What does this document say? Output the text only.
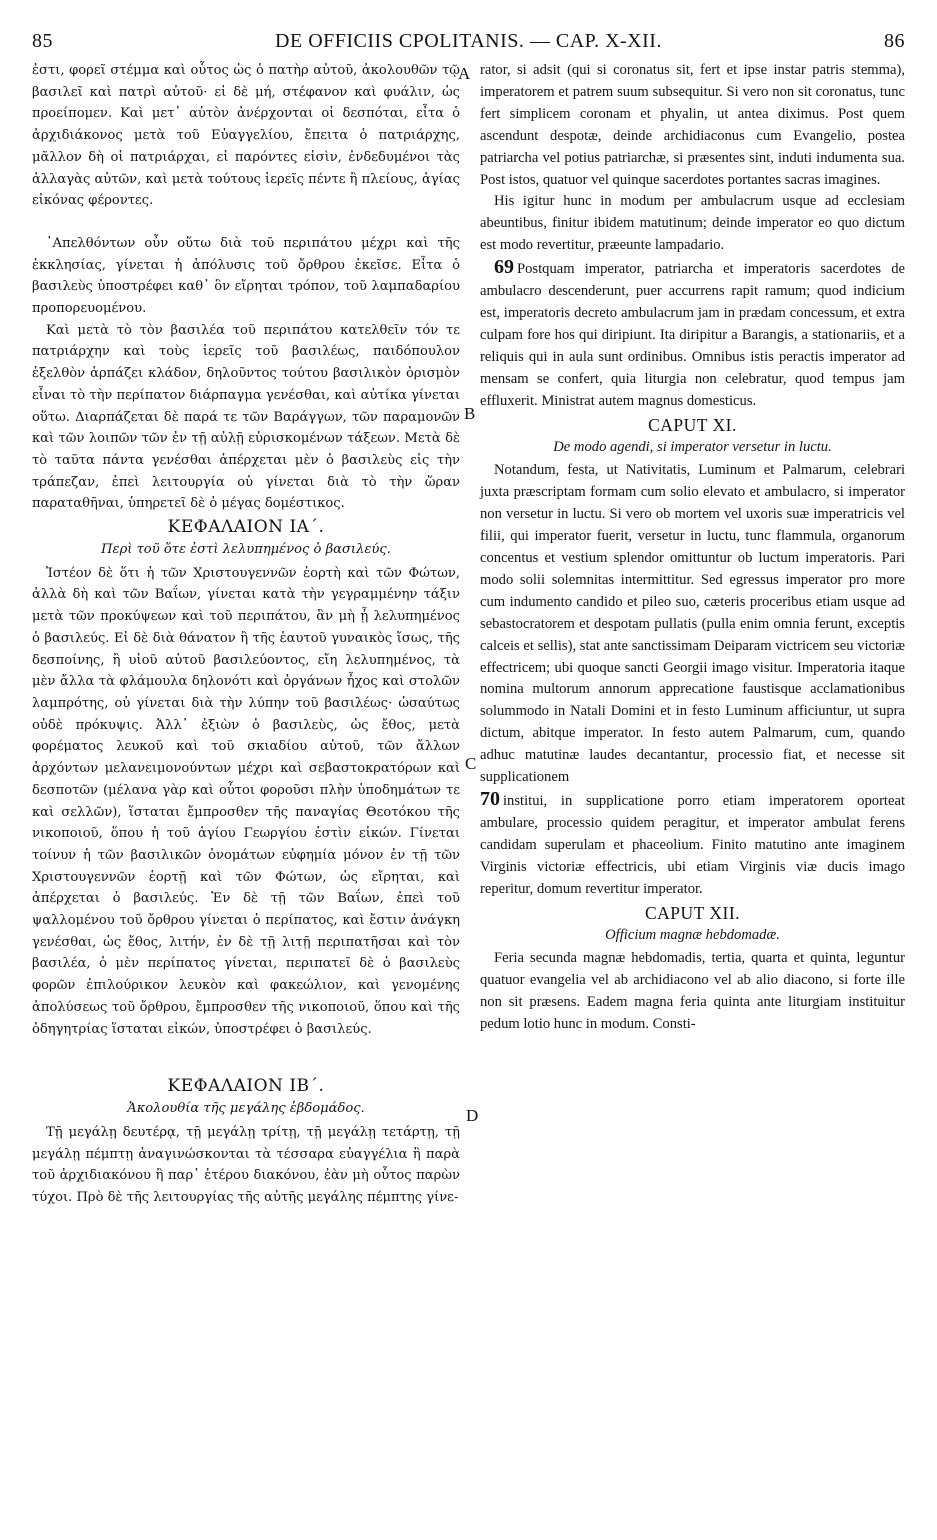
85	DE OFFICIIS CPOLITANIS. — CAP. X-XII.	86

ἐστι, φορεῖ στέμμα καὶ οὗτος ὡς ὁ πατὴρ αὐτοῦ, ἀκολουθῶν τῷ βασιλεῖ καὶ πατρὶ αὐτοῦ· εἰ δὲ μή, στέφανον καὶ φυάλιν, ὡς προείπομεν. Καὶ μετ᾽ αὐτὸν ἀνέρχονται οἱ δεσπόται, εἶτα ὁ ἀρχιδιάκονος μετὰ τοῦ Εὐαγγελίου, ἔπειτα ὁ πατριάρχης, μᾶλλον δὴ οἱ πατριάρχαι, εἰ παρόντες εἰσὶν, ἐνδεδυμένοι τὰς ἀλλαγὰς αὐτῶν, καὶ μετὰ τούτους ἱερεῖς πέντε ἢ πλείους, ἁγίας εἰκόνας φέροντες.

᾽Απελθόντων οὖν οὕτω διὰ τοῦ περιπάτου μέχρι καὶ τῆς ἐκκλησίας, γίνεται ἡ ἀπόλυσις τοῦ ὄρθρου ἐκεῖσε. Εἶτα ὁ βασιλεὺς ὑποστρέφει καθ᾽ ὃν εἴρηται τρόπον, τοῦ λαμπαδαρίου προπορευομένου.

Καὶ μετὰ τὸ τὸν βασιλέα τοῦ περιπάτου κατελθεῖν τόν τε πατριάρχην καὶ τοὺς ἱερεῖς τοῦ βασιλέως, παιδόπουλον ἐξελθὸν ἁρπάζει κλάδον, δηλοῦντος τούτου βασιλικὸν ὁρισμὸν εἶναι τὸ τὴν περίπατον διάρπαγμα γενέσθαι, καὶ αὐτίκα γίνεται οὕτω. Διαρπάζεται δὲ παρά τε τῶν Βαράγγων, τῶν παραμονῶν καὶ τῶν λοιπῶν τῶν ἐν τῇ αὐλῇ εὑρισκομένων τάξεων. Μετὰ δὲ τὸ ταῦτα πάντα γενέσθαι ἀπέρχεται μὲν ὁ βασιλεὺς εἰς τὴν τράπεζαν, ἐπεὶ λειτουργία οὐ γίνεται διὰ τὸ τὴν ὥραν παραταθῆναι, ὑπηρετεῖ δὲ ὁ μέγας δομέστικος.

ΚΕΦΑΛΑΙΟΝ ΙΑ΄.

Περὶ τοῦ ὅτε ἐστὶ λελυπημένος ὁ βασιλεύς.

Ἰστέον δὲ ὅτι ἡ τῶν Χριστουγεννῶν ἑορτὴ καὶ τῶν Φώτων, ἀλλὰ δὴ καὶ τῶν Βαΐων, γίνεται κατὰ τὴν γεγραμμένην τάξιν μετὰ τῶν προκύψεων καὶ τοῦ περιπάτου, ἂν μὴ ᾖ λελυπημένος ὁ βασιλεύς. Εἰ δὲ διὰ θάνατον ἢ τῆς ἑαυτοῦ γυναικὸς ἴσως, τῆς δεσποίνης, ἢ υἱοῦ αὐτοῦ βασιλεύοντος, εἴη λελυπημένος, τὰ μὲν ἄλλα τὰ φλάμουλα δηλονότι καὶ ὀργάνων ἦχος καὶ στολῶν λαμπρότης, οὐ γίνεται διὰ τὴν λύπην τοῦ βασιλέως· ὡσαύτως οὐδὲ πρόκυψις. Ἀλλ᾽ ἐξιὼν ὁ βασιλεὺς, ὡς ἔθος, μετὰ φορέματος λευκοῦ καὶ τοῦ σκιαδίου αὐτοῦ, τῶν ἄλλων ἀρχόντων μελανειμονούντων μέχρι καὶ σεβαστοκρατόρων καὶ δεσποτῶν (μέλανα γὰρ καὶ οὗτοι φοροῦσι πλὴν ὑποδημάτων τε καὶ σελλῶν), ἵσταται ἔμπροσθεν τῆς παναγίας Θεοτόκου τῆς νικοποιοῦ, ὅπου ἡ τοῦ ἁγίου Γεωργίου ἐστὶν εἰκών. Γίνεται τοίνυν ἡ τῶν βασιλικῶν ὀνομάτων εὐφημία μόνον ἐν τῇ τῶν Χριστουγεννῶν ἑορτῇ καὶ τῶν Φώτων, ὡς εἴρηται, καὶ ἀπέρχεται ὁ βασιλεύς. Ἐν δὲ τῇ τῶν Βαΐων, ἐπεὶ τοῦ ψαλλομένου τοῦ ὄρθρου γίνεται ὁ περίπατος, καὶ ἔστιν ἀνάγκη γενέσθαι, ὡς ἔθος, λιτήν, ἐν δὲ τῇ λιτῇ περιπατῆσαι καὶ τὸν βασιλέα, ὁ μὲν περίπατος γίνεται, περιπατεῖ δὲ ὁ βασιλεὺς φορῶν ἐπιλούρικον λευκὸν καὶ φακεώλιον, καὶ γενομένης ἀπολύσεως τοῦ ὄρθρου, ἔμπροσθεν τῆς νικοποιοῦ, ὅπου καὶ τῆς ὁδηγητρίας ἵσταται εἰκών, ὑποστρέφει ὁ βασιλεύς.

ΚΕΦΑΛΑΙΟΝ ΙΒ΄.

Ἀκολουθία τῆς μεγάλης ἑβδομάδος.

Τῇ μεγάλῃ δευτέρᾳ, τῇ μεγάλῃ τρίτῃ, τῇ μεγάλῃ τετάρτῃ, τῇ μεγάλῃ πέμπτῃ ἀναγινώσκονται τὰ τέσσαρα εὐαγγέλια ἢ παρὰ τοῦ ἀρχιδιακόνου ἢ παρ᾽ ἑτέρου διακόνου, ἐὰν μὴ οὗτος παρὼν τύχοι. Πρὸ δὲ τῆς λειτουργίας τῆς αὐτῆς μεγάλης πέμπτης γίνε-

A
B
C
D

rator, si adsit (qui si coronatus sit, fert et ipse instar patris stemma), imperatorem et patrem suum subsequitur. Si vero non sit coronatus, tunc fert simplicem coronam et phyalin, ut antea diximus. Post quem ascendunt despotæ, deinde archidiaconus cum Evangelio, postea patriarcha vel potius patriarchæ, si præsentes sint, induti indumenta sua. Post istos, quatuor vel quinque sacerdotes portantes sacras imagines.

His igitur hunc in modum per ambulacrum usque ad ecclesiam abeuntibus, finitur ibidem matutinum; deinde imperator eo quo dictum est modo revertitur, præeunte lampadario.

69 Postquam imperator, patriarcha et imperatoris sacerdotes de ambulacro descenderunt, puer accurrens rapit ramum; quod indicium est, imperatoris decreto ambulacrum jam in prædam concessum, et extra culpam fore hos qui diripiunt. Ita diripitur a Barangis, a stationariis, et a reliquis qui in aula sunt ordinibus. Omnibus istis peractis imperator ad mensam se confert, quia liturgia non celebratur, quod tempus jam effluxerit. Ministrat autem magnus domesticus.

CAPUT XI.

De modo agendi, si imperator versetur in luctu.

Notandum, festa, ut Nativitatis, Luminum et Palmarum, celebrari juxta præscriptam formam cum solio elevato et ambulacro, si imperator non versetur in luctu. Si vero ob mortem vel uxoris suæ imperatricis vel filii, qui imperator fuerit, versetur in luctu, tunc flammula, organorum concentus et vestium splendor omittuntur ob luctum imperatoris. Pari modo solii solemnitas intermittitur. Sed egressus imperator pro more cum indumento candido et pileo suo, cæteris proceribus etiam usque ad sebastocratorem et despotam pullatis (pulla enim omnia ferunt, exceptis calceis et sellis), stat ante sanctissimam Deiparam victricem seu victoriæ effectricem; ubi quoque sancti Georgii imago visitur. Imperatoria itaque nomina multorum annorum apprecatione faustisque acclamationibus solummodo in Natali Domini et in festo Luminum afficiuntur, ut supra dictum, abitque imperator. In festo autem Palmarum, cum, quando adhuc matutinæ laudes decantantur, processio fiat, et necesse sit supplicationem

70 institui, in supplicatione porro etiam imperatorem oporteat ambulare, processio quidem peragitur, et imperator ambulat ferens candidam superulam et phaceolium. Finito matutino ante imaginem Virginis victoriæ effectricis, ubi etiam Virginis viæ ducis imago reperitur, domum revertitur imperator.

CAPUT XII.

Officium magnæ hebdomadæ.

Feria secunda magnæ hebdomadis, tertia, quarta et quinta, leguntur quatuor evangelia vel ab archidiacono vel ab alio diacono, si forte ille non sit præsens. Eadem magna feria quinta ante liturgiam instituitur pedum lotio hunc in modum. Consti-
